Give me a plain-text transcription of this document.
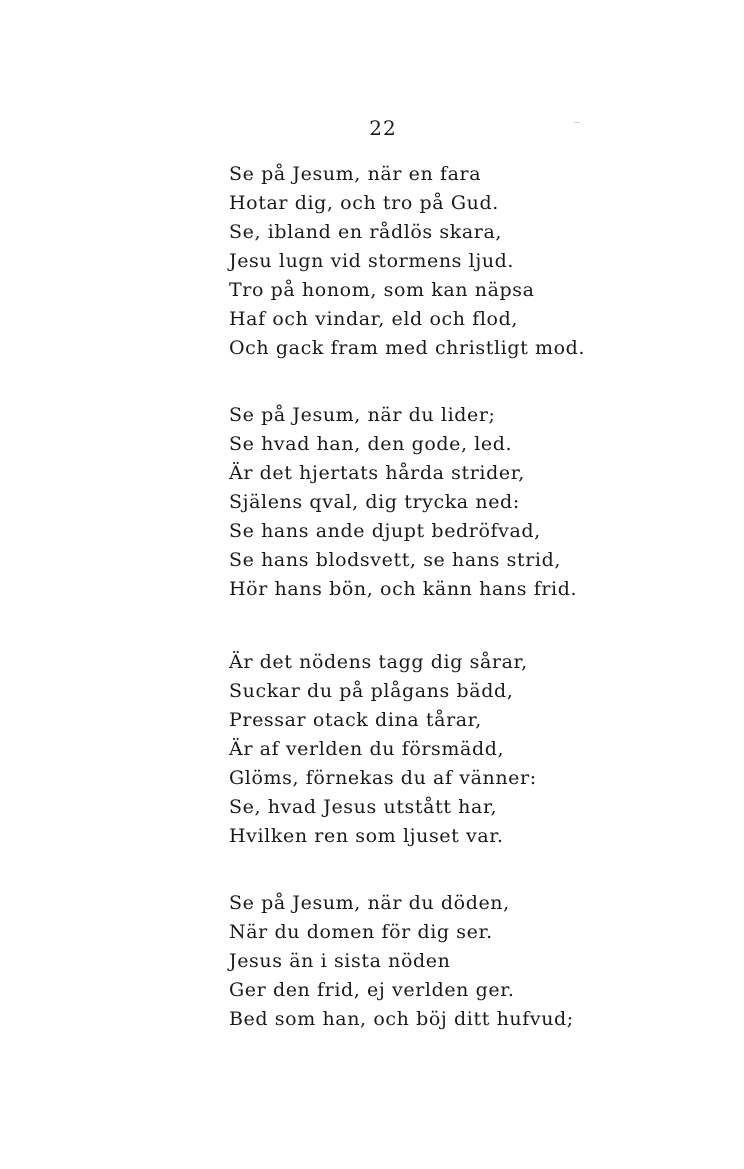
22
Se på Jesum, när en fara
Hotar dig, och tro på Gud.
Se, ibland en rådlös skara,
Jesu lugn vid stormens ljud.
Tro på honom, som kan näpsa
Haf och vindar, eld och flod,
Och gack fram med christligt mod.
Se på Jesum, när du lider;
Se hvad han, den gode, led.
Är det hjertats hårda strider,
Själens qval, dig trycka ned:
Se hans ande djupt bedröfvad,
Se hans blodsvett, se hans strid,
Hör hans bön, och känn hans frid.
Är det nödens tagg dig sårar,
Suckar du på plågans bädd,
Pressar otack dina tårar,
Är af verlden du försmädd,
Glöms, förnekas du af vänner:
Se, hvad Jesus utstått har,
Hvilken ren som ljuset var.
Se på Jesum, när du döden,
När du domen för dig ser.
Jesus än i sista nöden
Ger den frid, ej verlden ger.
Bed som han, och böj ditt hufvud;
